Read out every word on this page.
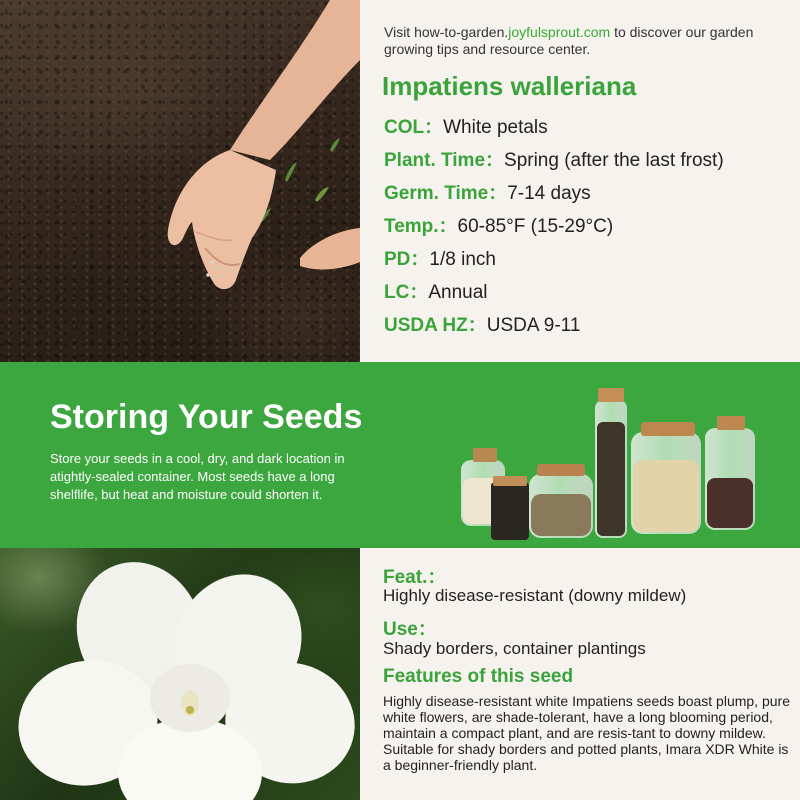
Visit how-to-garden.joyfulsprout.com to discover our garden growing tips and resource center.
Impatiens walleriana
COL：White petals
Plant. Time：Spring (after the last frost)
Germ. Time：7-14 days
Temp.：60-85°F (15-29°C)
PD：1/8 inch
LC：Annual
USDA HZ：USDA 9-11
Storing Your Seeds
Store your seeds in a cool, dry, and dark location in atightly-sealed container. Most seeds have a long shelflife, but heat and moisture could shorten it.
Feat.：
Highly disease-resistant (downy mildew)
Use：
Shady borders, container plantings
Features of this seed
Highly disease-resistant white Impatiens seeds boast plump, pure white flowers, are shade-tolerant, have a long blooming period, maintain a compact plant, and are resis-tant to downy mildew. Suitable for shady borders and potted plants, Imara XDR White is a beginner-friendly plant.
